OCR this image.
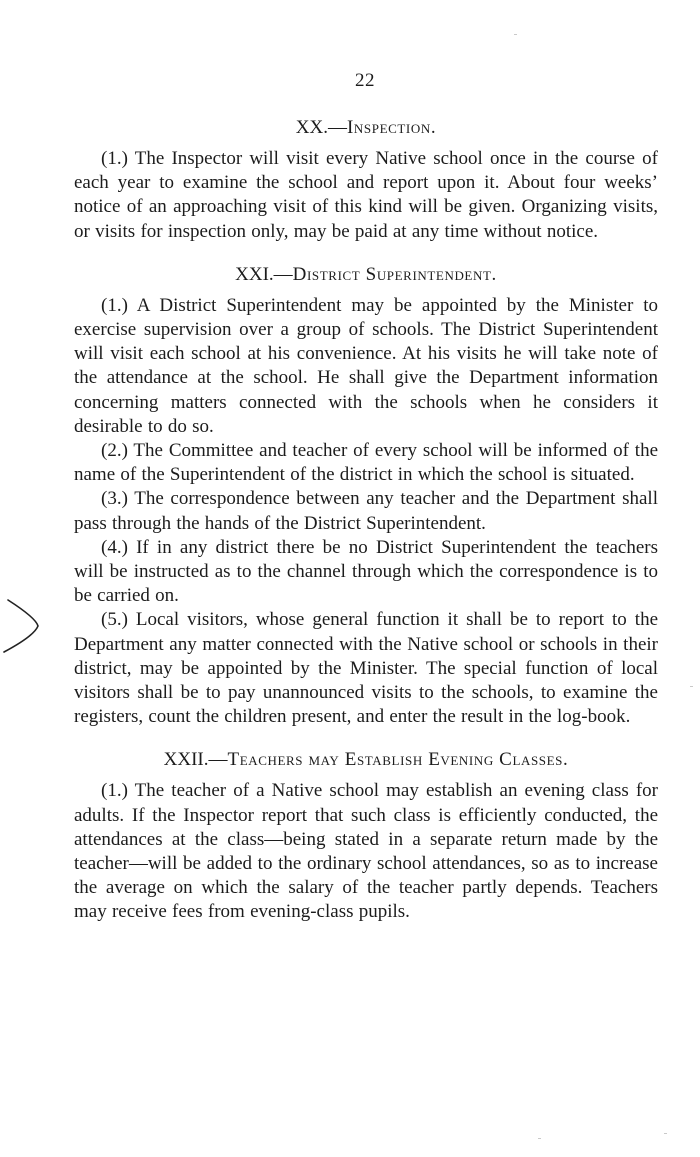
22
XX.—Inspection.

(1.) The Inspector will visit every Native school once in the course of each year to examine the school and report upon it. About four weeks’ notice of an approaching visit of this kind will be given. Organizing visits, or visits for inspection only, may be paid at any time without notice.

XXI.—District Superintendent.

(1.) A District Superintendent may be appointed by the Minister to exercise supervision over a group of schools. The District Superintendent will visit each school at his convenience. At his visits he will take note of the attendance at the school. He shall give the Department information concerning matters connected with the schools when he considers it desirable to do so.

(2.) The Committee and teacher of every school will be informed of the name of the Superintendent of the district in which the school is situated.

(3.) The correspondence between any teacher and the Department shall pass through the hands of the District Superintendent.

(4.) If in any district there be no District Superintendent the teachers will be instructed as to the channel through which the correspondence is to be carried on.

(5.) Local visitors, whose general function it shall be to report to the Department any matter connected with the Native school or schools in their district, may be appointed by the Minister. The special function of local visitors shall be to pay unannounced visits to the schools, to examine the registers, count the children present, and enter the result in the log-book.

XXII.—Teachers may Establish Evening Classes.

(1.) The teacher of a Native school may establish an evening class for adults. If the Inspector report that such class is efficiently conducted, the attendances at the class—being stated in a separate return made by the teacher—will be added to the ordinary school attendances, so as to increase the average on which the salary of the teacher partly depends. Teachers may receive fees from evening-class pupils.
